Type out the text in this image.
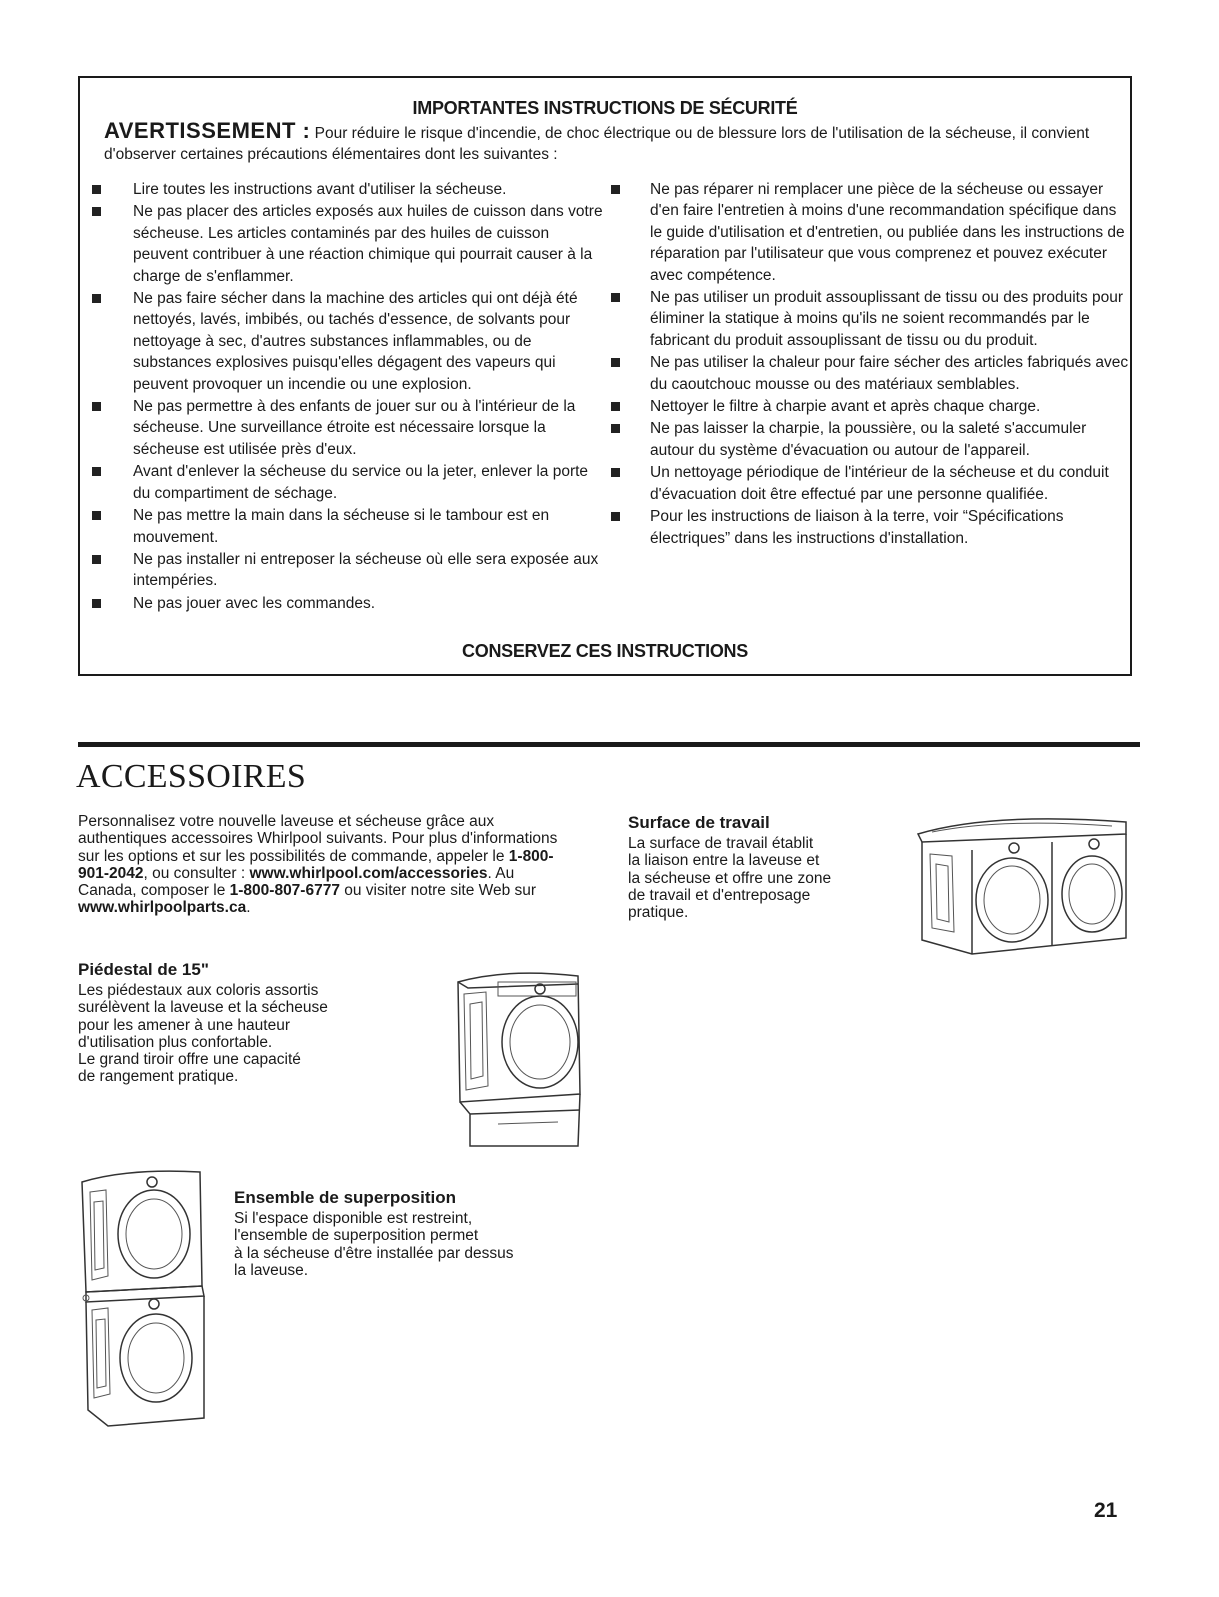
IMPORTANTES INSTRUCTIONS DE SÉCURITÉ
AVERTISSEMENT : Pour réduire le risque d'incendie, de choc électrique ou de blessure lors de l'utilisation de la sécheuse, il convient d'observer certaines précautions élémentaires dont les suivantes :
Lire toutes les instructions avant d'utiliser la sécheuse.
Ne pas placer des articles exposés aux huiles de cuisson dans votre sécheuse. Les articles contaminés par des huiles de cuisson peuvent contribuer à une réaction chimique qui pourrait causer à la charge de s'enflammer.
Ne pas faire sécher dans la machine des articles qui ont déjà été nettoyés, lavés, imbibés, ou tachés d'essence, de solvants pour nettoyage à sec, d'autres substances inflammables, ou de substances explosives puisqu'elles dégagent des vapeurs qui peuvent provoquer un incendie ou une explosion.
Ne pas permettre à des enfants de jouer sur ou à l'intérieur de la sécheuse. Une surveillance étroite est nécessaire lorsque la sécheuse est utilisée près d'eux.
Avant d'enlever la sécheuse du service ou la jeter, enlever la porte du compartiment de séchage.
Ne pas mettre la main dans la sécheuse si le tambour est en mouvement.
Ne pas installer ni entreposer la sécheuse où elle sera exposée aux intempéries.
Ne pas jouer avec les commandes.
Ne pas réparer ni remplacer une pièce de la sécheuse ou essayer d'en faire l'entretien à moins d'une recommandation spécifique dans le guide d'utilisation et d'entretien, ou publiée dans les instructions de réparation par l'utilisateur que vous comprenez et pouvez exécuter avec compétence.
Ne pas utiliser un produit assouplissant de tissu ou des produits pour éliminer la statique à moins qu'ils ne soient recommandés par le fabricant du produit assouplissant de tissu ou du produit.
Ne pas utiliser la chaleur pour faire sécher des articles fabriqués avec du caoutchouc mousse ou des matériaux semblables.
Nettoyer le filtre à charpie avant et après chaque charge.
Ne pas laisser la charpie, la poussière, ou la saleté s'accumuler autour du système d'évacuation ou autour de l'appareil.
Un nettoyage périodique de l'intérieur de la sécheuse et du conduit d'évacuation doit être effectué par une personne qualifiée.
Pour les instructions de liaison à la terre, voir “Spécifications électriques” dans les instructions d'installation.
CONSERVEZ CES INSTRUCTIONS
ACCESSOIRES
Personnalisez votre nouvelle laveuse et sécheuse grâce aux authentiques accessoires Whirlpool suivants. Pour plus d'informations sur les options et sur les possibilités de commande, appeler le 1-800-901-2042, ou consulter : www.whirlpool.com/accessories. Au Canada, composer le 1-800-807-6777 ou visiter notre site Web sur www.whirlpoolparts.ca.
Piédestal de 15"
Les piédestaux aux coloris assortis
surélèvent la laveuse et la sécheuse
pour les amener à une hauteur
d'utilisation plus confortable.
Le grand tiroir offre une capacité
de rangement pratique.
Surface de travail
La surface de travail établit
la liaison entre la laveuse et
la sécheuse et offre une zone
de travail et d'entreposage
pratique.
Ensemble de superposition
Si l'espace disponible est restreint,
l'ensemble de superposition permet
à la sécheuse d'être installée par dessus
la laveuse.
21
